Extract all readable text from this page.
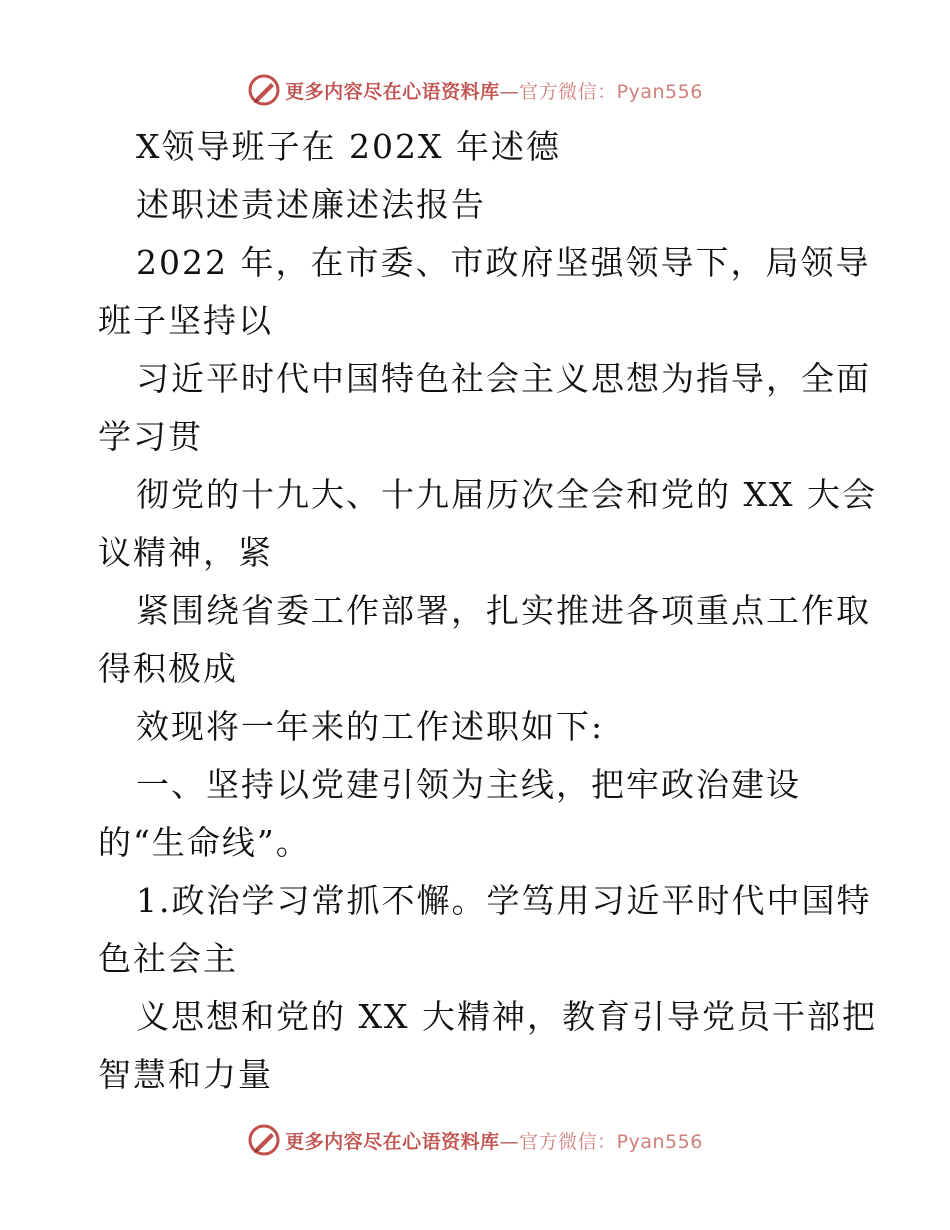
更多内容尽在心语资料库—官方微信：Pyan556
X领导班子在 202X 年述德
述职述责述廉述法报告
2022 年，在市委、市政府坚强领导下，局领导
班子坚持以
习近平时代中国特色社会主义思想为指导，全面
学习贯
彻党的十九大、十九届历次全会和党的 XX 大会
议精神，紧
紧围绕省委工作部署，扎实推进各项重点工作取
得积极成
效现将一年来的工作述职如下:
一、坚持以党建引领为主线，把牢政治建设
的“生命线”。
1.政治学习常抓不懈。学笃用习近平时代中国特
色社会主
义思想和党的 XX 大精神，教育引导党员干部把
智慧和力量
更多内容尽在心语资料库—官方微信：Pyan556
